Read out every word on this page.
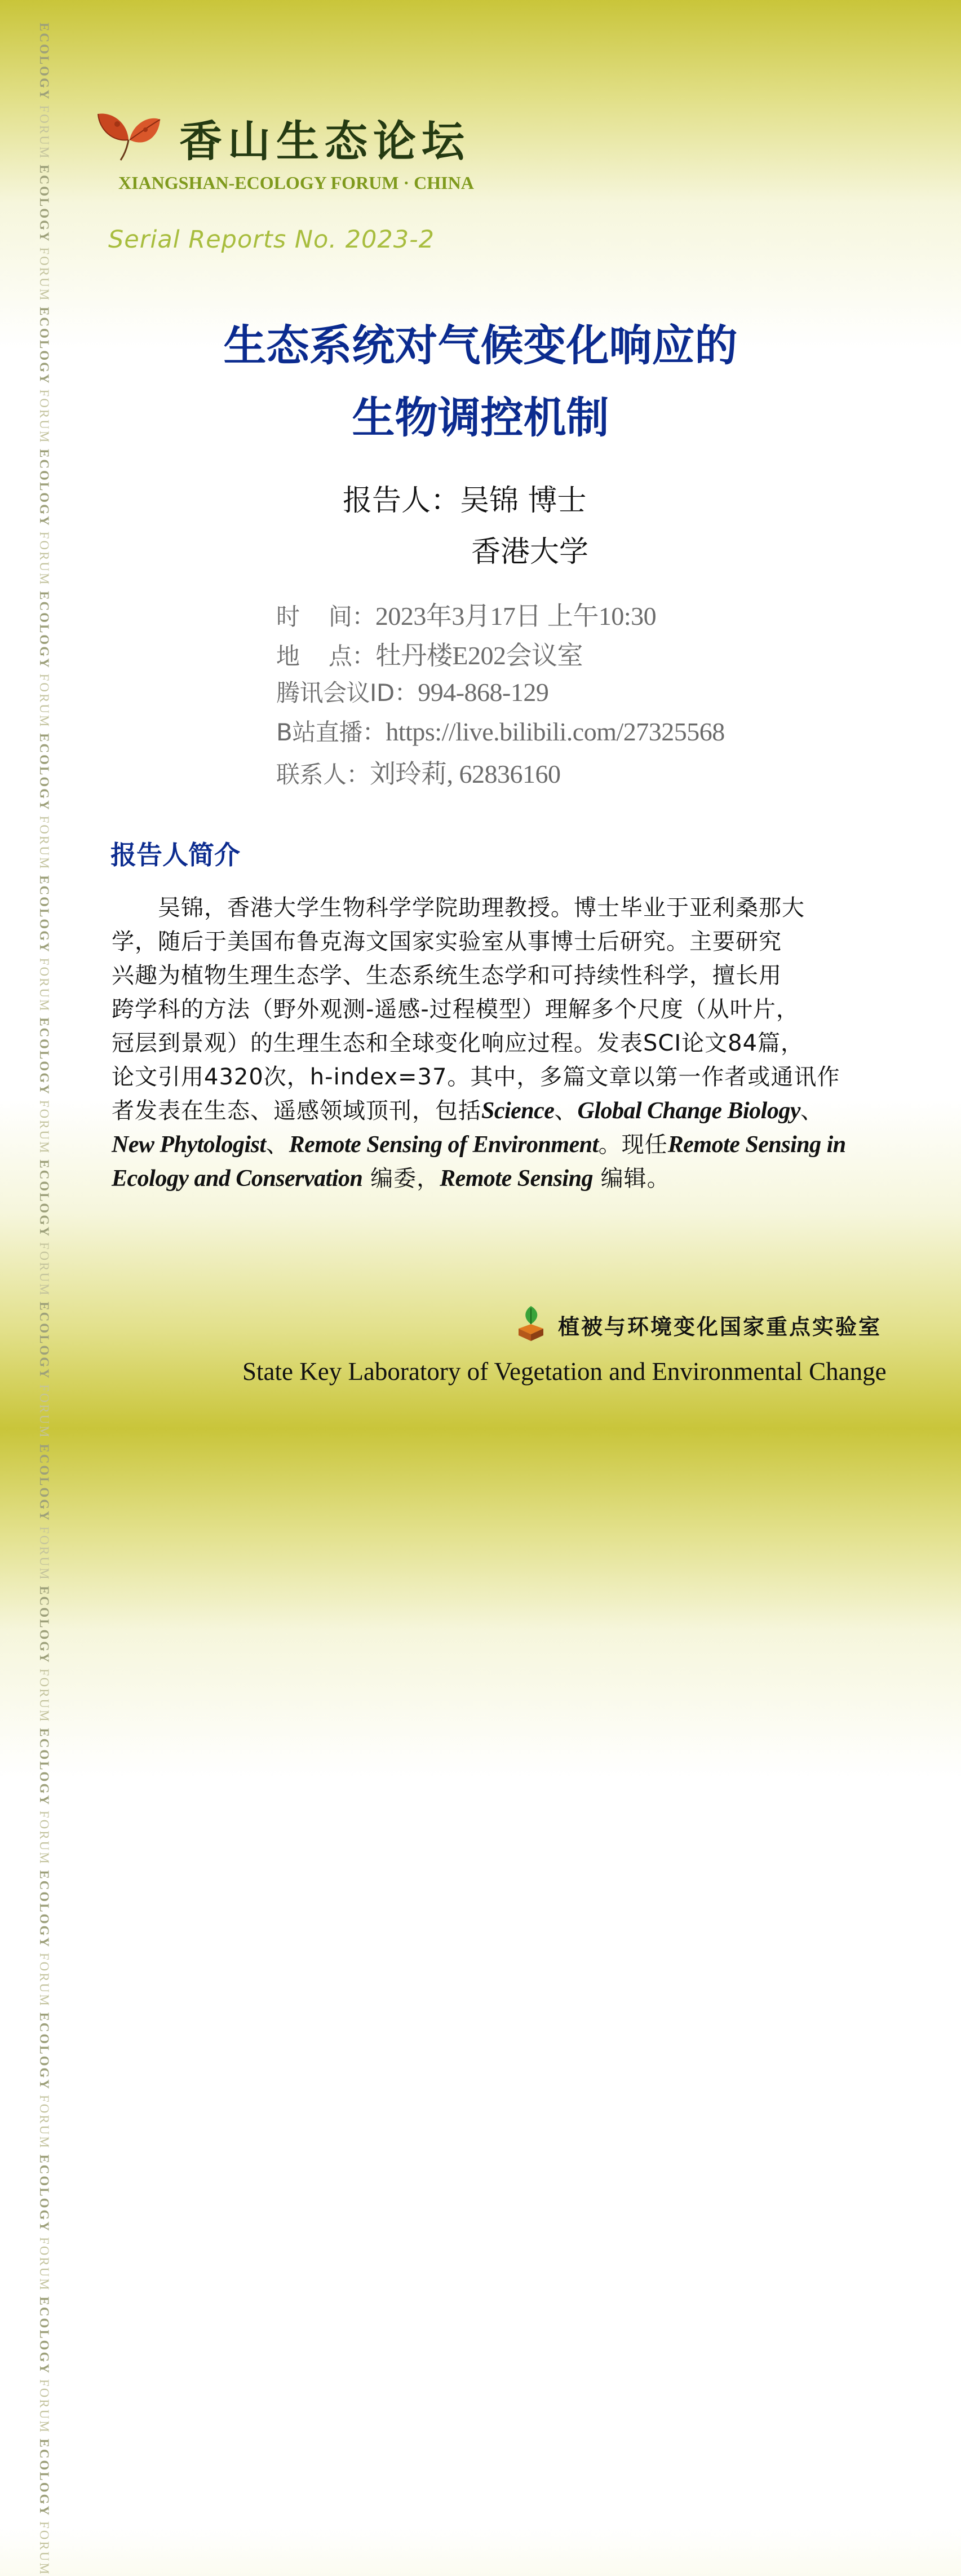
ECOLOGY FORUM ECOLOGY FORUM ECOLOGY FORUM ECOLOGY FORUM ECOLOGY FORUM ECOLOGY FORUM ECOLOGY FORUM ECOLOGY FORUM ECOLOGY FORUM ECOLOGY FORUM ECOLOGY FORUM ECOLOGY FORUM ECOLOGY FORUM ECOLOGY FORUM ECOLOGY FORUM ECOLOGY FORUM ECOLOGY FORUM ECOLOGY FORUM
香山生态论坛
XIANGSHAN-ECOLOGY FORUM · CHINA
Serial Reports No. 2023-2
生态系统对气候变化响应的
生物调控机制
报告人：吴锦 博士
香港大学
时    间：2023年3月17日 上午10:30
地    点：牡丹楼E202会议室
腾讯会议ID：994-868-129
B站直播：https://live.bilibili.com/27325568
联系人：刘玲莉, 62836160
报告人简介
　　吴锦，香港大学生物科学学院助理教授。博士毕业于亚利桑那大
学，随后于美国布鲁克海文国家实验室从事博士后研究。主要研究
兴趣为植物生理生态学、生态系统生态学和可持续性科学，擅长用
跨学科的方法（野外观测-遥感-过程模型）理解多个尺度（从叶片，
冠层到景观）的生理生态和全球变化响应过程。发表SCI论文84篇，
论文引用4320次，h-index=37。其中，多篇文章以第一作者或通讯作
者发表在生态、遥感领域顶刊，包括Science、Global Change Biology、
New Phytologist、Remote Sensing of Environment。现任Remote Sensing in
Ecology and Conservation 编委，Remote Sensing 编辑。
植被与环境变化国家重点实验室
State Key Laboratory of Vegetation and Environmental Change
